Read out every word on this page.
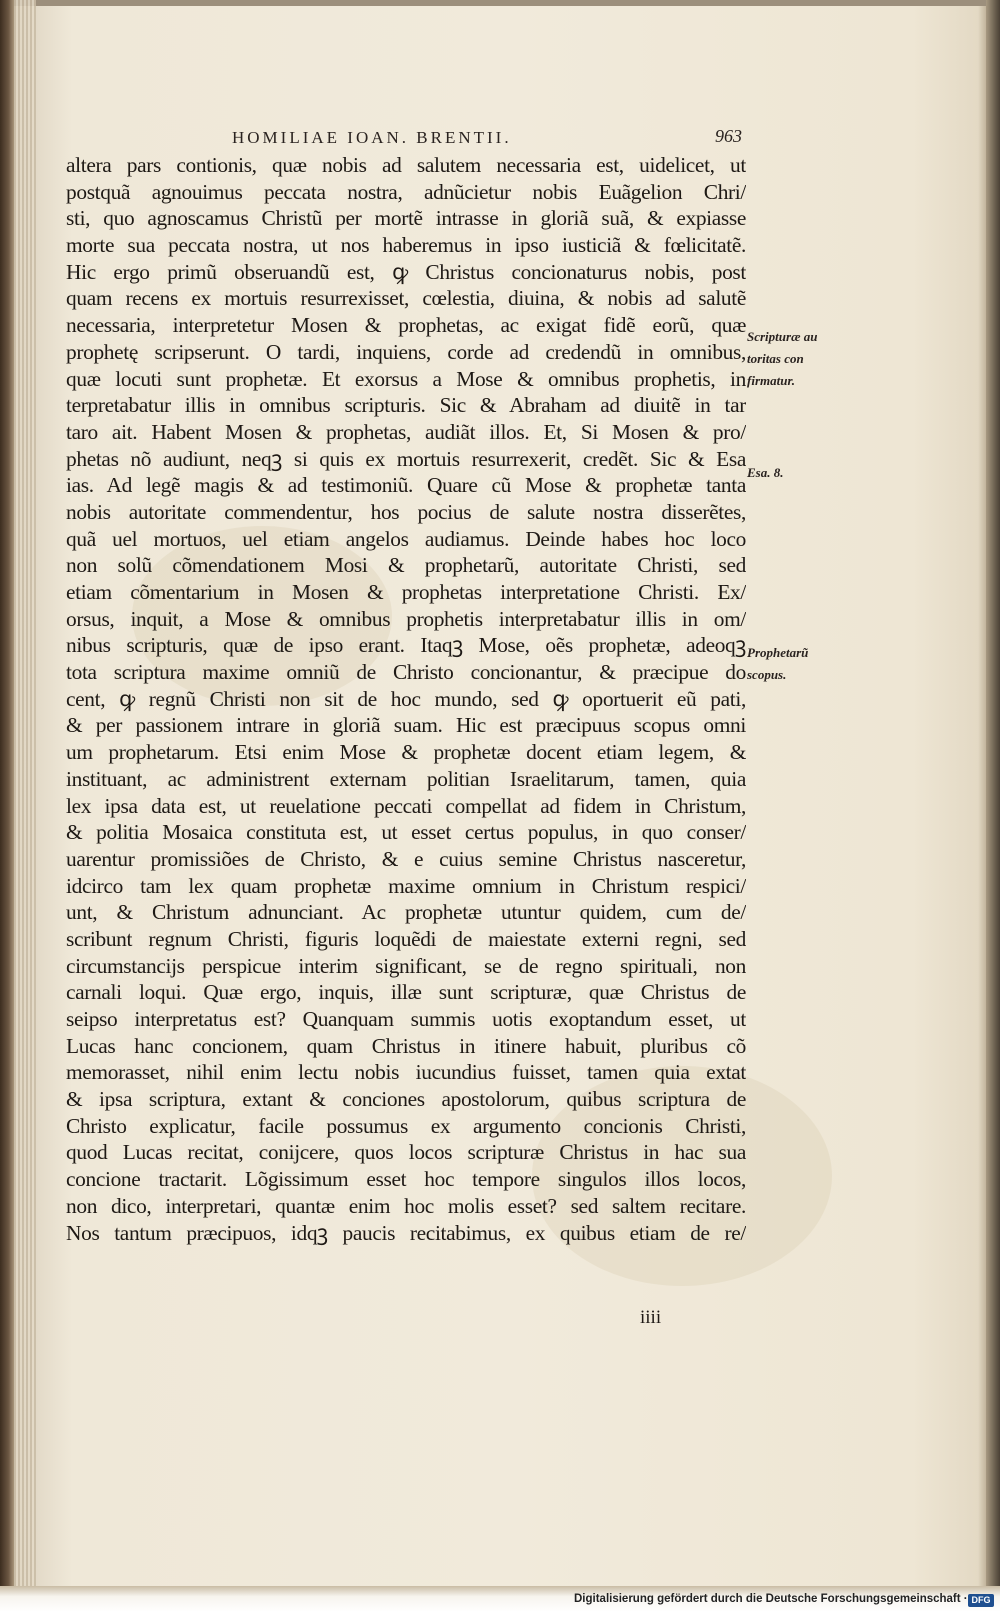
HOMILIAE IOAN. BRENTII.	963
altera pars contionis, quæ nobis ad salutem necessaria est, uidelicet, ut
postquã agnouimus peccata nostra, adnũcietur nobis Euãgelion Chri/
sti, quo agnoscamus Christũ per mortẽ intrasse in gloriã suã, & expiasse
morte sua peccata nostra, ut nos haberemus in ipso iusticiã & fœlicitatẽ.
Hic ergo primũ obseruandũ est, ꝙ Christus concionaturus nobis, post
quam recens ex mortuis resurrexisset, cœlestia, diuina, & nobis ad salutẽ
necessaria, interpretetur Mosen & prophetas, ac exigat fidẽ eorũ, quæ
prophetę scripserunt. O tardi, inquiens, corde ad credendũ in omnibus,
quæ locuti sunt prophetæ. Et exorsus a Mose & omnibus prophetis, in
terpretabatur illis in omnibus scripturis. Sic & Abraham ad diuitẽ in tar
taro ait. Habent Mosen & prophetas, audiãt illos. Et, Si Mosen & pro/
phetas nõ audiunt, neqꝫ si quis ex mortuis resurrexerit, credẽt. Sic & Esa
ias. Ad legẽ magis & ad testimoniũ. Quare cũ Mose & prophetæ tanta
nobis autoritate commendentur, hos pocius de salute nostra disserẽtes,
quã uel mortuos, uel etiam angelos audiamus. Deinde habes hoc loco
non solũ cõmendationem Mosi & prophetarũ, autoritate Christi, sed
etiam cõmentarium in Mosen & prophetas interpretatione Christi. Ex/
orsus, inquit, a Mose & omnibus prophetis interpretabatur illis in om/
nibus scripturis, quæ de ipso erant. Itaqꝫ Mose, oẽs prophetæ, adeoqꝫ
tota scriptura maxime omniũ de Christo concionantur, & præcipue do
cent, ꝙ regnũ Christi non sit de hoc mundo, sed ꝙ oportuerit eũ pati,
& per passionem intrare in gloriã suam. Hic est præcipuus scopus omni
um prophetarum. Etsi enim Mose & prophetæ docent etiam legem, &
instituant, ac administrent externam politian Israelitarum, tamen, quia
lex ipsa data est, ut reuelatione peccati compellat ad fidem in Christum,
& politia Mosaica constituta est, ut esset certus populus, in quo conser/
uarentur promissiões de Christo, & e cuius semine Christus nasceretur,
idcirco tam lex quam prophetæ maxime omnium in Christum respici/
unt, & Christum adnunciant. Ac prophetæ utuntur quidem, cum de/
scribunt regnum Christi, figuris loquẽdi de maiestate externi regni, sed
circumstancijs perspicue interim significant, se de regno spirituali, non
carnali loqui. Quæ ergo, inquis, illæ sunt scripturæ, quæ Christus de
seipso interpretatus est? Quanquam summis uotis exoptandum esset, ut
Lucas hanc concionem, quam Christus in itinere habuit, pluribus cõ
memorasset, nihil enim lectu nobis iucundius fuisset, tamen quia extat
& ipsa scriptura, extant & conciones apostolorum, quibus scriptura de
Christo explicatur, facile possumus ex argumento concionis Christi,
quod Lucas recitat, conijcere, quos locos scripturæ Christus in hac sua
concione tractarit. Lõgissimum esset hoc tempore singulos illos locos,
non dico, interpretari, quantæ enim hoc molis esset? sed saltem recitare.
Nos tantum præcipuos, idqꝫ paucis recitabimus, ex quibus etiam de re/
iiii
Scripturæ au
toritas con
firmatur.
Esa. 8.
Prophetarũ
scopus.
Digitalisierung gefördert durch die Deutsche Forschungsgemeinschaft · DFG
